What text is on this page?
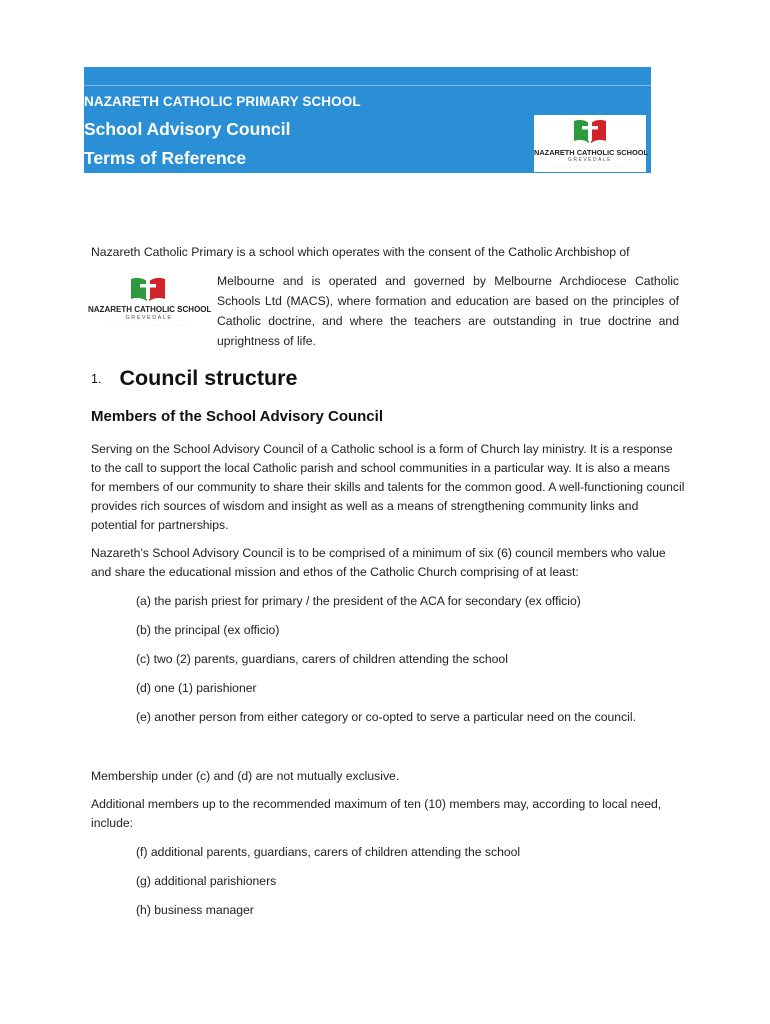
NAZARETH CATHOLIC PRIMARY SCHOOL
School Advisory Council
Terms of Reference	NAZARETH CATHOLIC SCHOOL
GREVEDALE
· · · · · · · · · · · · · · · · · · · · · ·
Nazareth Catholic Primary is a school which operates with the consent of the Catholic Archbishop of
NAZARETH CATHOLIC SCHOOL
GREVEDALE
· · · · · · · · · · · · · · · · · · · · · · ·
Melbourne and is operated and governed by Melbourne Archdiocese Catholic Schools Ltd (MACS), where formation and education are based on the principles of Catholic doctrine, and where the teachers are outstanding in true doctrine and uprightness of life.
1. Council structure
Members of the School Advisory Council
Serving on the School Advisory Council of a Catholic school is a form of Church lay ministry. It is a response to the call to support the local Catholic parish and school communities in a particular way. It is also a means for members of our community to share their skills and talents for the common good. A well-functioning council provides rich sources of wisdom and insight as well as a means of strengthening community links and potential for partnerships.
Nazareth's School Advisory Council is to be comprised of a minimum of six (6) council members who value and share the educational mission and ethos of the Catholic Church comprising of at least:
(a) the parish priest for primary / the president of the ACA for secondary (ex officio)
(b) the principal (ex officio)
(c) two (2) parents, guardians, carers of children attending the school
(d) one (1) parishioner
(e) another person from either category or co-opted to serve a particular need on the council.
Membership under (c) and (d) are not mutually exclusive.
Additional members up to the recommended maximum of ten (10) members may, according to local need, include:
(f) additional parents, guardians, carers of children attending the school
(g) additional parishioners
(h) business manager
